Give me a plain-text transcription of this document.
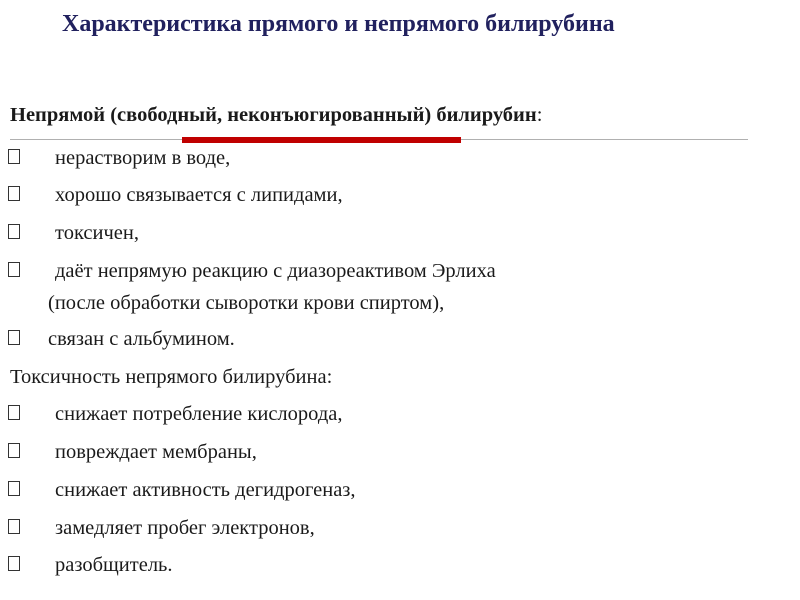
Характеристика прямого и непрямого билирубина
Непрямой (свободный, неконъюгированный) билирубин:
нерастворим в воде,
хорошо связывается с липидами,
токсичен,
даёт непрямую реакцию с диазореактивом Эрлиха
(после обработки сыворотки крови спиртом),
связан с альбумином.
Токсичность непрямого билирубина:
снижает потребление кислорода,
повреждает мембраны,
снижает активность дегидрогеназ,
замедляет пробег электронов,
разобщитель.
